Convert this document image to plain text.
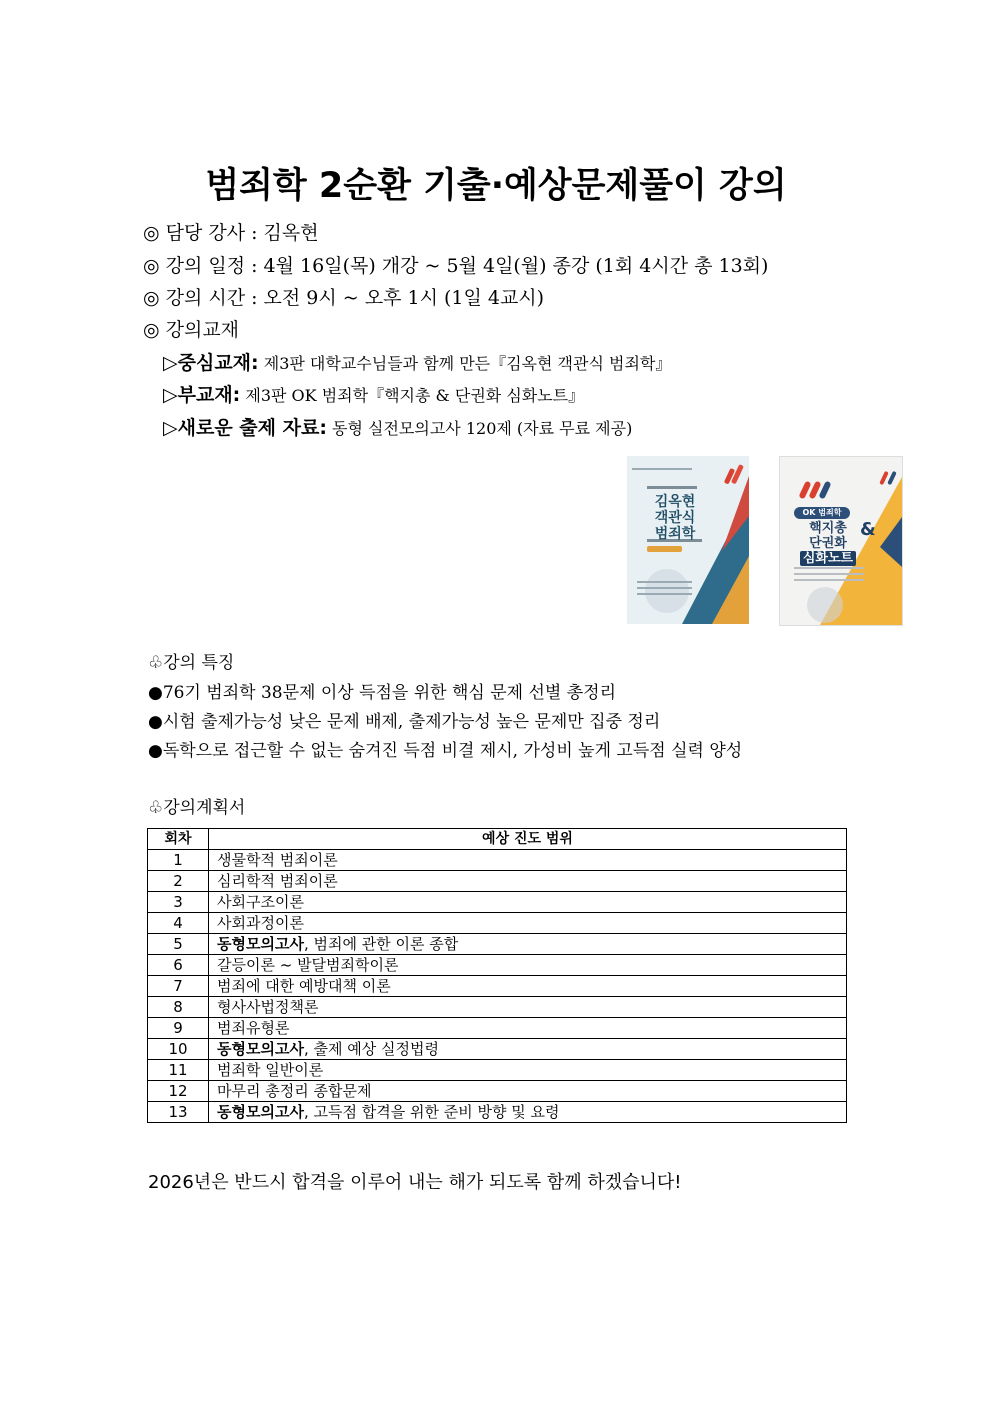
범죄학 2순환 기출·예상문제풀이 강의
◎ 담당 강사 : 김옥현
◎ 강의 일정 : 4월 16일(목) 개강 ~ 5월 4일(월) 종강 (1회 4시간 총 13회)
◎ 강의 시간 : 오전 9시 ~ 오후 1시 (1일 4교시)
◎ 강의교재
▷중심교재: 제3판 대학교수님들과 함께 만든『김옥현 객관식 범죄학』
▷부교재: 제3판 OK 범죄학『핵지총 & 단권화 심화노트』
▷새로운 출제 자료: 동형 실전모의고사 120제 (자료 무료 제공)
김옥현
객관식
범죄학
OK 범죄학
핵지총
단권화
심화노트
&
♧강의 특징
●76기 범죄학 38문제 이상 득점을 위한 핵심 문제 선별 총정리
●시험 출제가능성 낮은 문제 배제, 출제가능성 높은 문제만 집중 정리
●독학으로 접근할 수 없는 숨겨진 득점 비결 제시, 가성비 높게 고득점 실력 양성
♧강의계획서
회차	예상 진도 범위
1	생물학적 범죄이론
2	심리학적 범죄이론
3	사회구조이론
4	사회과정이론
5	동형모의고사, 범죄에 관한 이론 종합
6	갈등이론 ~ 발달범죄학이론
7	범죄에 대한 예방대책 이론
8	형사사법정책론
9	범죄유형론
10	동형모의고사, 출제 예상 실정법령
11	범죄학 일반이론
12	마무리 총정리 종합문제
13	동형모의고사, 고득점 합격을 위한 준비 방향 및 요령
2026년은 반드시 합격을 이루어 내는 해가 되도록 함께 하겠습니다!
